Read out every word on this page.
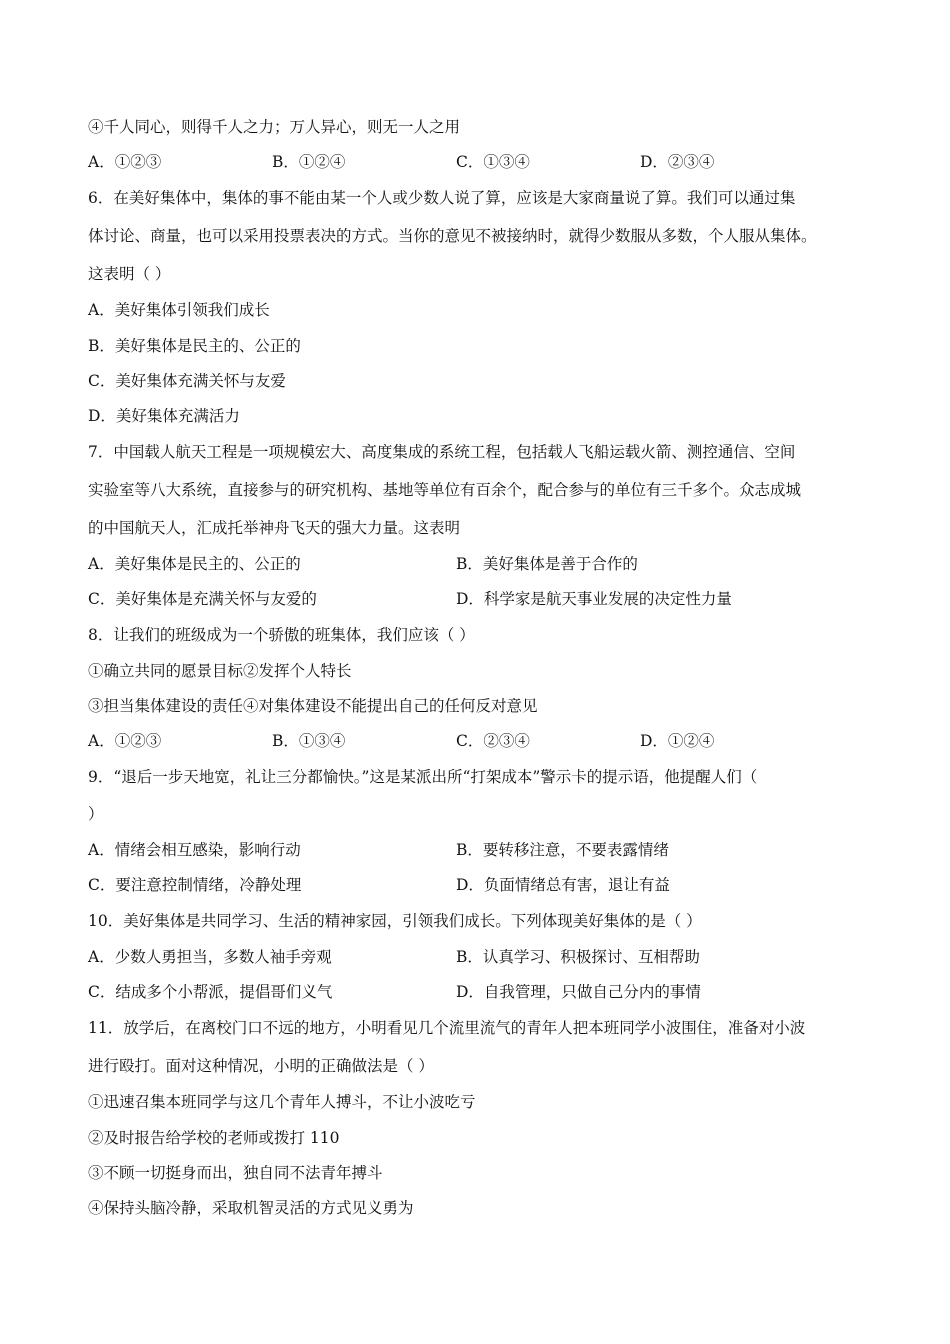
④千人同心，则得千人之力；万人异心，则无一人之用
A．①②③	B．①②④	C．①③④	D．②③④
6．在美好集体中，集体的事不能由某一个人或少数人说了算，应该是大家商量说了算。我们可以通过集
体讨论、商量，也可以采用投票表决的方式。当你的意见不被接纳时，就得少数服从多数，个人服从集体。
这表明（ ）
A．美好集体引领我们成长
B．美好集体是民主的、公正的
C．美好集体充满关怀与友爱
D．美好集体充满活力
7．中国载人航天工程是一项规模宏大、高度集成的系统工程，包括载人飞船运载火箭、测控通信、空间
实验室等八大系统，直接参与的研究机构、基地等单位有百余个，配合参与的单位有三千多个。众志成城
的中国航天人，汇成托举神舟飞天的强大力量。这表明
A．美好集体是民主的、公正的	B．美好集体是善于合作的
C．美好集体是充满关怀与友爱的	D．科学家是航天事业发展的决定性力量
8．让我们的班级成为一个骄傲的班集体，我们应该（ ）
①确立共同的愿景目标②发挥个人特长
③担当集体建设的责任④对集体建设不能提出自己的任何反对意见
A．①②③	B．①③④	C．②③④	D．①②④
9．“退后一步天地宽，礼让三分都愉快。”这是某派出所“打架成本”警示卡的提示语，他提醒人们（
）
A．情绪会相互感染，影响行动	B．要转移注意，不要表露情绪
C．要注意控制情绪，冷静处理	D．负面情绪总有害，退让有益
10．美好集体是共同学习、生活的精神家园，引领我们成长。下列体现美好集体的是（ ）
A．少数人勇担当，多数人袖手旁观	B．认真学习、积极探讨、互相帮助
C．结成多个小帮派，提倡哥们义气	D．自我管理，只做自己分内的事情
11．放学后，在离校门口不远的地方，小明看见几个流里流气的青年人把本班同学小波围住，准备对小波
进行殴打。面对这种情况，小明的正确做法是（ ）
①迅速召集本班同学与这几个青年人搏斗，不让小波吃亏
②及时报告给学校的老师或拨打 110
③不顾一切挺身而出，独自同不法青年搏斗
④保持头脑冷静，采取机智灵活的方式见义勇为
